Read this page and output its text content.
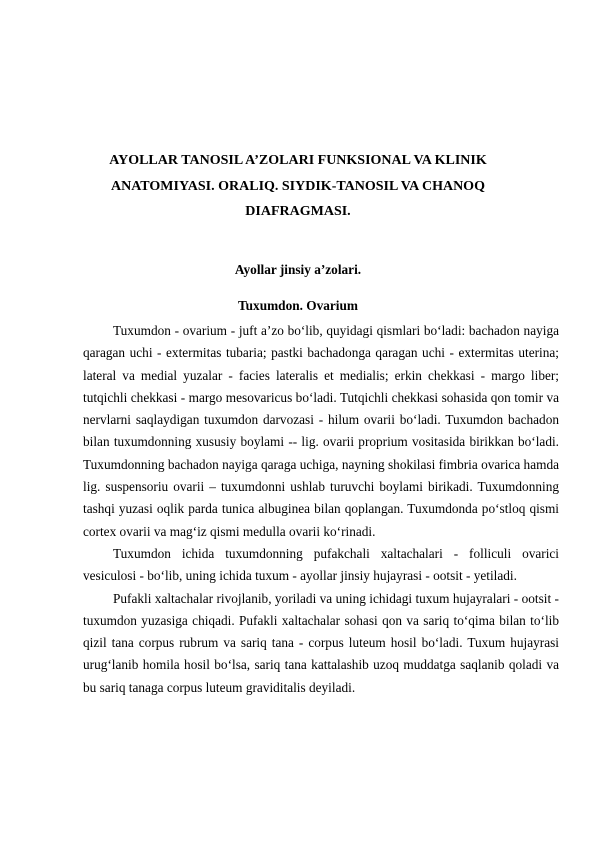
AYOLLAR TANOSIL A’ZOLARI FUNKSIONAL VA KLINIK
ANATOMIYASI. ORALIQ. SIYDIK-TANOSIL VA CHANOQ
DIAFRAGMASI.
Ayollar jinsiy a’zolari.
Tuxumdon. Ovarium

Tuxumdon - ovarium - juft a’zo bo‘lib, quyidagi qismlari bo‘ladi: bachadon nayiga qaragan uchi - extermitas tubaria; pastki bachadonga qaragan uchi - extermitas uterina; lateral va medial yuzalar - facies lateralis et medialis; erkin chekkasi - margo liber; tutqichli chekkasi - margo mesovaricus bo‘ladi. Tutqichli chekkasi sohasida qon tomir va nervlarni saqlaydigan tuxumdon darvozasi - hilum ovarii bo‘ladi. Tuxumdon bachadon bilan tuxumdonning xususiy boylami -- lig. ovarii proprium vositasida birikkan bo‘ladi. Tuxumdonning bachadon nayiga qaraga uchiga, nayning shokilasi fimbria ovarica hamda lig. suspensoriu ovarii – tuxumdonni ushlab turuvchi boylami birikadi. Tuxumdonning tashqi yuzasi oqlik parda tunica albuginea bilan qoplangan. Tuxumdonda po‘stloq qismi cortex ovarii va mag‘iz qismi medulla ovarii ko‘rinadi.

Tuxumdon ichida tuxumdonning pufakchali xaltachalari - folliculi ovarici vesiculosi - bo‘lib, uning ichida tuxum - ayollar jinsiy hujayrasi - ootsit - yetiladi.

Pufakli xaltachalar rivojlanib, yoriladi va uning ichidagi tuxum hujayralari - ootsit - tuxumdon yuzasiga chiqadi. Pufakli xaltachalar sohasi qon va sariq to‘qima bilan to‘lib qizil tana corpus rubrum va sariq tana - corpus luteum hosil bo‘ladi. Tuxum hujayrasi urug‘lanib homila hosil bo‘lsa, sariq tana kattalashib uzoq muddatga saqlanib qoladi va bu sariq tanaga corpus luteum graviditalis deyiladi.
